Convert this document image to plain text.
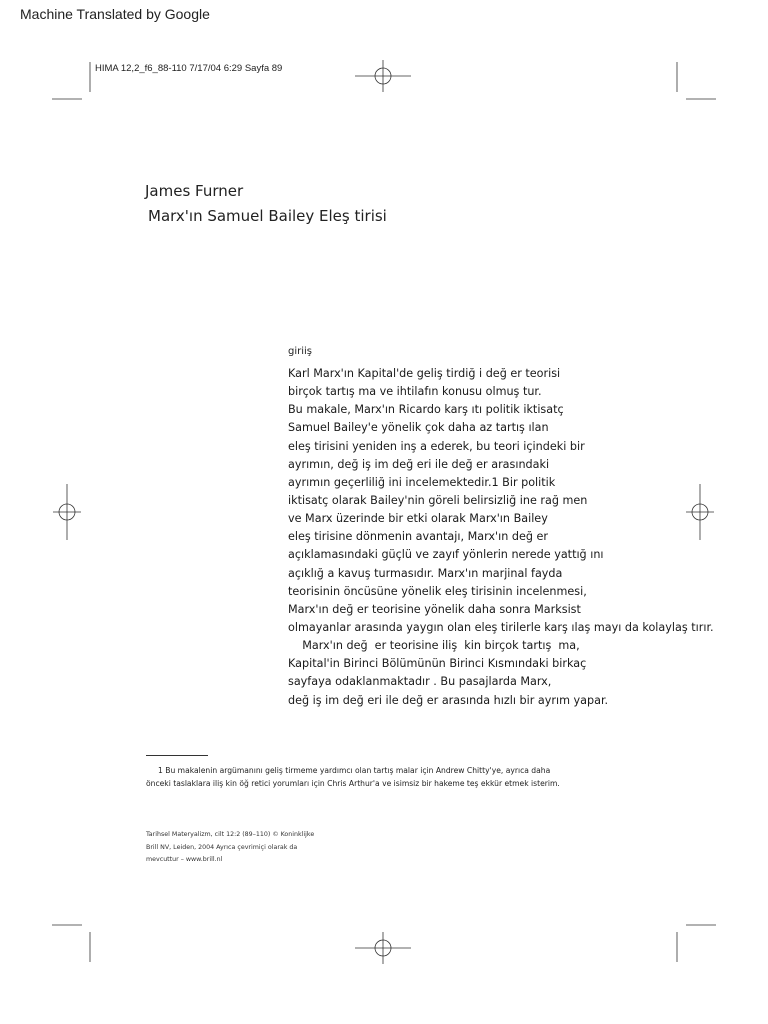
Machine Translated by Google
HIMA 12,2_f6_88-110 7/17/04 6:29 Sayfa 89
James Furner
Marx'ın Samuel Bailey Eleş tirisi
giriiş
Karl Marx'ın Kapital'de geliş tirdiğ i değ er teorisi
birçok tartış ma ve ihtilafın konusu olmuş tur.
Bu makale, Marx'ın Ricardo karş ıtı politik iktisatç
Samuel Bailey'e yönelik çok daha az tartış ılan
eleş tirisini yeniden inş a ederek, bu teori içindeki bir
ayrımın, değ iş im değ eri ile değ er arasındaki
ayrımın geçerliliğ ini incelemektedir.1 Bir politik
iktisatç olarak Bailey'nin göreli belirsizliğ ine rağ men
ve Marx üzerinde bir etki olarak Marx'ın Bailey
eleş tirisine dönmenin avantajı, Marx'ın değ er
açıklamasındaki güçlü ve zayıf yönlerin nerede yattığ ını
açıklığ a kavuş turmasıdır. Marx'ın marjinal fayda
teorisinin öncüsüne yönelik eleş tirisinin incelenmesi,
Marx'ın değ er teorisine yönelik daha sonra Marksist
olmayanlar arasında yaygın olan eleş tirilerle karş ılaş mayı da kolaylaş tırır.
Marx'ın değ  er teorisine iliş  kin birçok tartış  ma,
Kapital'in Birinci Bölümünün Birinci Kısmındaki birkaç
sayfaya odaklanmaktadır . Bu pasajlarda Marx,
değ iş im değ eri ile değ er arasında hızlı bir ayrım yapar.
1 Bu makalenin argümanını geliş tirmeme yardımcı olan tartış malar için Andrew Chitty'ye, ayrıca daha
önceki taslaklara iliş kin öğ retici yorumları için Chris Arthur'a ve isimsiz bir hakeme teş ekkür etmek isterim.
Tarihsel Materyalizm, cilt 12:2 (89–110) © Koninklijke
Brill NV, Leiden, 2004 Ayrıca çevrimiçi olarak da
mevcuttur – www.brill.nl
